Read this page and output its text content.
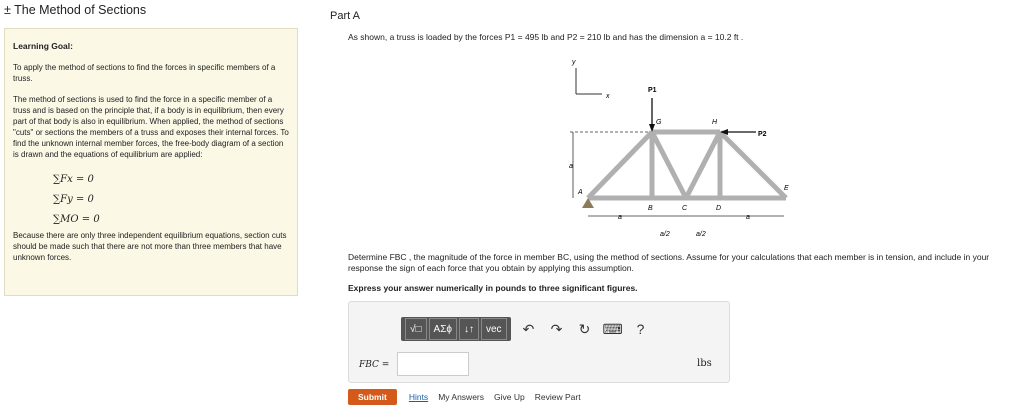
± The Method of Sections
Learning Goal:
To apply the method of sections to find the forces in specific members of a truss.
The method of sections is used to find the force in a specific member of a truss and is based on the principle that, if a body is in equilibrium, then every part of that body is also in equilibrium. When applied, the method of sections "cuts" or sections the members of a truss and exposes their internal forces. To find the unknown internal member forces, the free-body diagram of a section is drawn and the equations of equilibrium are applied:
∑Fx = 0
∑Fy = 0
∑MO = 0
Because there are only three independent equilibrium equations, section cuts should be made such that there are not more than three members that have unknown forces.
Part A
As shown, a truss is loaded by the forces P1 = 495 lb and P2 = 210 lb and has the dimension a = 10.2 ft .
y
x
a
P1
P2
G	H
A
B	C	D
E
a	a
a/2	a/2
Determine FBC , the magnitude of the force in member BC, using the method of sections. Assume for your calculations that each member is in tension, and include in your response the sign of each force that you obtain by applying this assumption.
Express your answer numerically in pounds to three significant figures.
√□	ΑΣϕ	↓↑	vec	↶	↷	↻ ⌨ ?
FBC =	lbs
Submit	Hints My Answers Give Up Review Part
